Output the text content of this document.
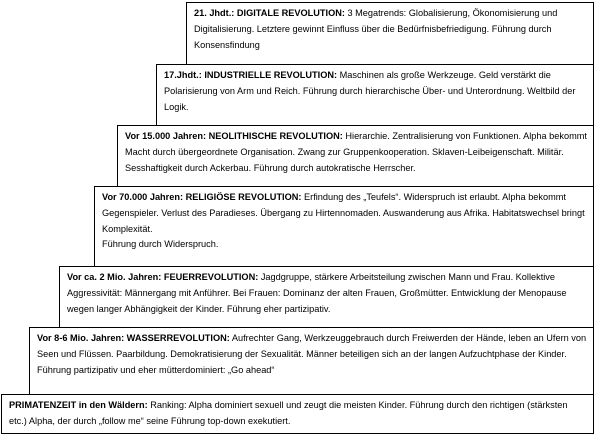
21. Jhdt.: DIGITALE REVOLUTION: 3 Megatrends: Globalisierung, Ökonomisierung und Digitalisierung. Letztere gewinnt Einfluss über die Bedürfnisbefriedigung. Führung durch Konsensfindung

17.Jhdt.: INDUSTRIELLE REVOLUTION: Maschinen als große Werkzeuge. Geld verstärkt die Polarisierung von Arm und Reich. Führung durch hierarchische Über- und Unterordnung. Weltbild der Logik.

Vor 15.000 Jahren: NEOLITHISCHE REVOLUTION: Hierarchie. Zentralisierung von Funktionen. Alpha bekommt Macht durch übergeordnete Organisation. Zwang zur Gruppenkooperation. Sklaven-Leibeigenschaft. Militär. Sesshaftigkeit durch Ackerbau. Führung durch autokratische Herrscher.

Vor 70.000 Jahren: RELIGIÖSE REVOLUTION: Erfindung des „Teufels“. Widerspruch ist erlaubt. Alpha bekommt Gegenspieler. Verlust des Paradieses. Übergang zu Hirtennomaden. Auswanderung aus Afrika. Habitatswechsel bringt Komplexität.

Führung durch Widerspruch.

Vor ca. 2 Mio. Jahren: FEUERREVOLUTION: Jagdgruppe, stärkere Arbeitsteilung zwischen Mann und Frau. Kollektive Aggressivität: Männergang mit Anführer. Bei Frauen: Dominanz der alten Frauen, Großmütter. Entwicklung der Menopause wegen langer Abhängigkeit der Kinder. Führung eher partizipativ.

Vor 8-6 Mio. Jahren: WASSERREVOLUTION: Aufrechter Gang, Werkzeuggebrauch durch Freiwerden der Hände, leben an Ufern von Seen und Flüssen. Paarbildung. Demokratisierung der Sexualität. Männer beteiligen sich an der langen Aufzuchtphase der Kinder. Führung partizipativ und eher mütterdominiert: „Go ahead“

PRIMATENZEIT in den Wäldern: Ranking: Alpha dominiert sexuell und zeugt die meisten Kinder. Führung durch den richtigen (stärksten etc.) Alpha, der durch „follow me“ seine Führung top-down exekutiert.
